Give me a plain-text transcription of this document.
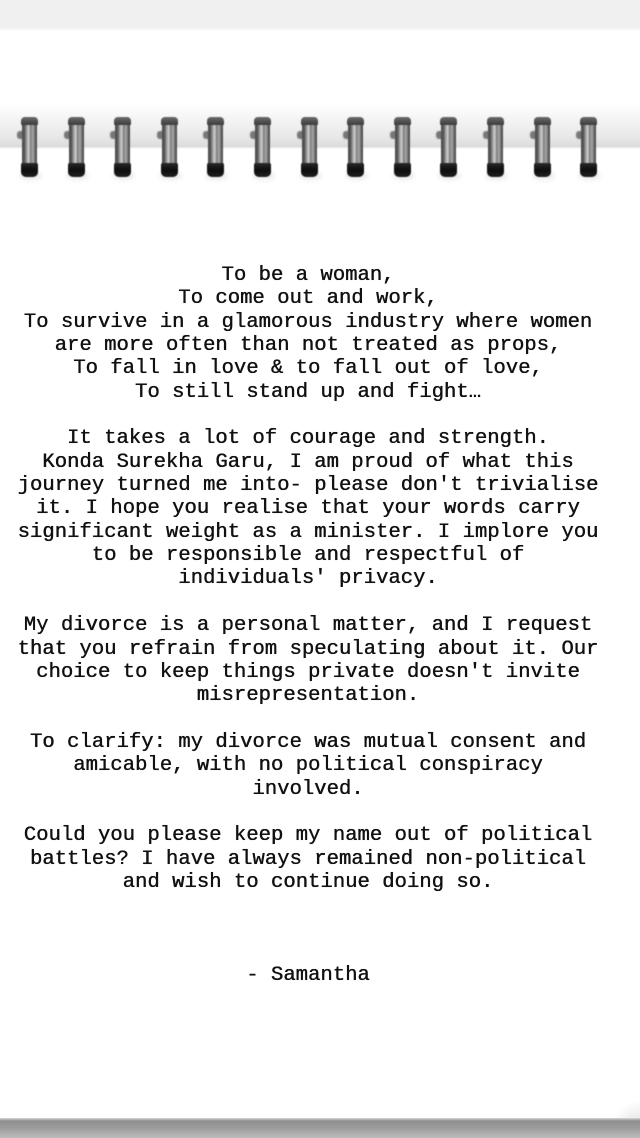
To be a woman,
To come out and work,
To survive in a glamorous industry where women
are more often than not treated as props,
To fall in love & to fall out of love,
To still stand up and fight…
It takes a lot of courage and strength.
Konda Surekha Garu, I am proud of what this
journey turned me into- please don't trivialise
it. I hope you realise that your words carry
significant weight as a minister. I implore you
to be responsible and respectful of
individuals' privacy.
My divorce is a personal matter, and I request
that you refrain from speculating about it. Our
choice to keep things private doesn't invite
misrepresentation.
To clarify: my divorce was mutual consent and
amicable, with no political conspiracy
involved.
Could you please keep my name out of political
battles? I have always remained non-political
and wish to continue doing so.
- Samantha
